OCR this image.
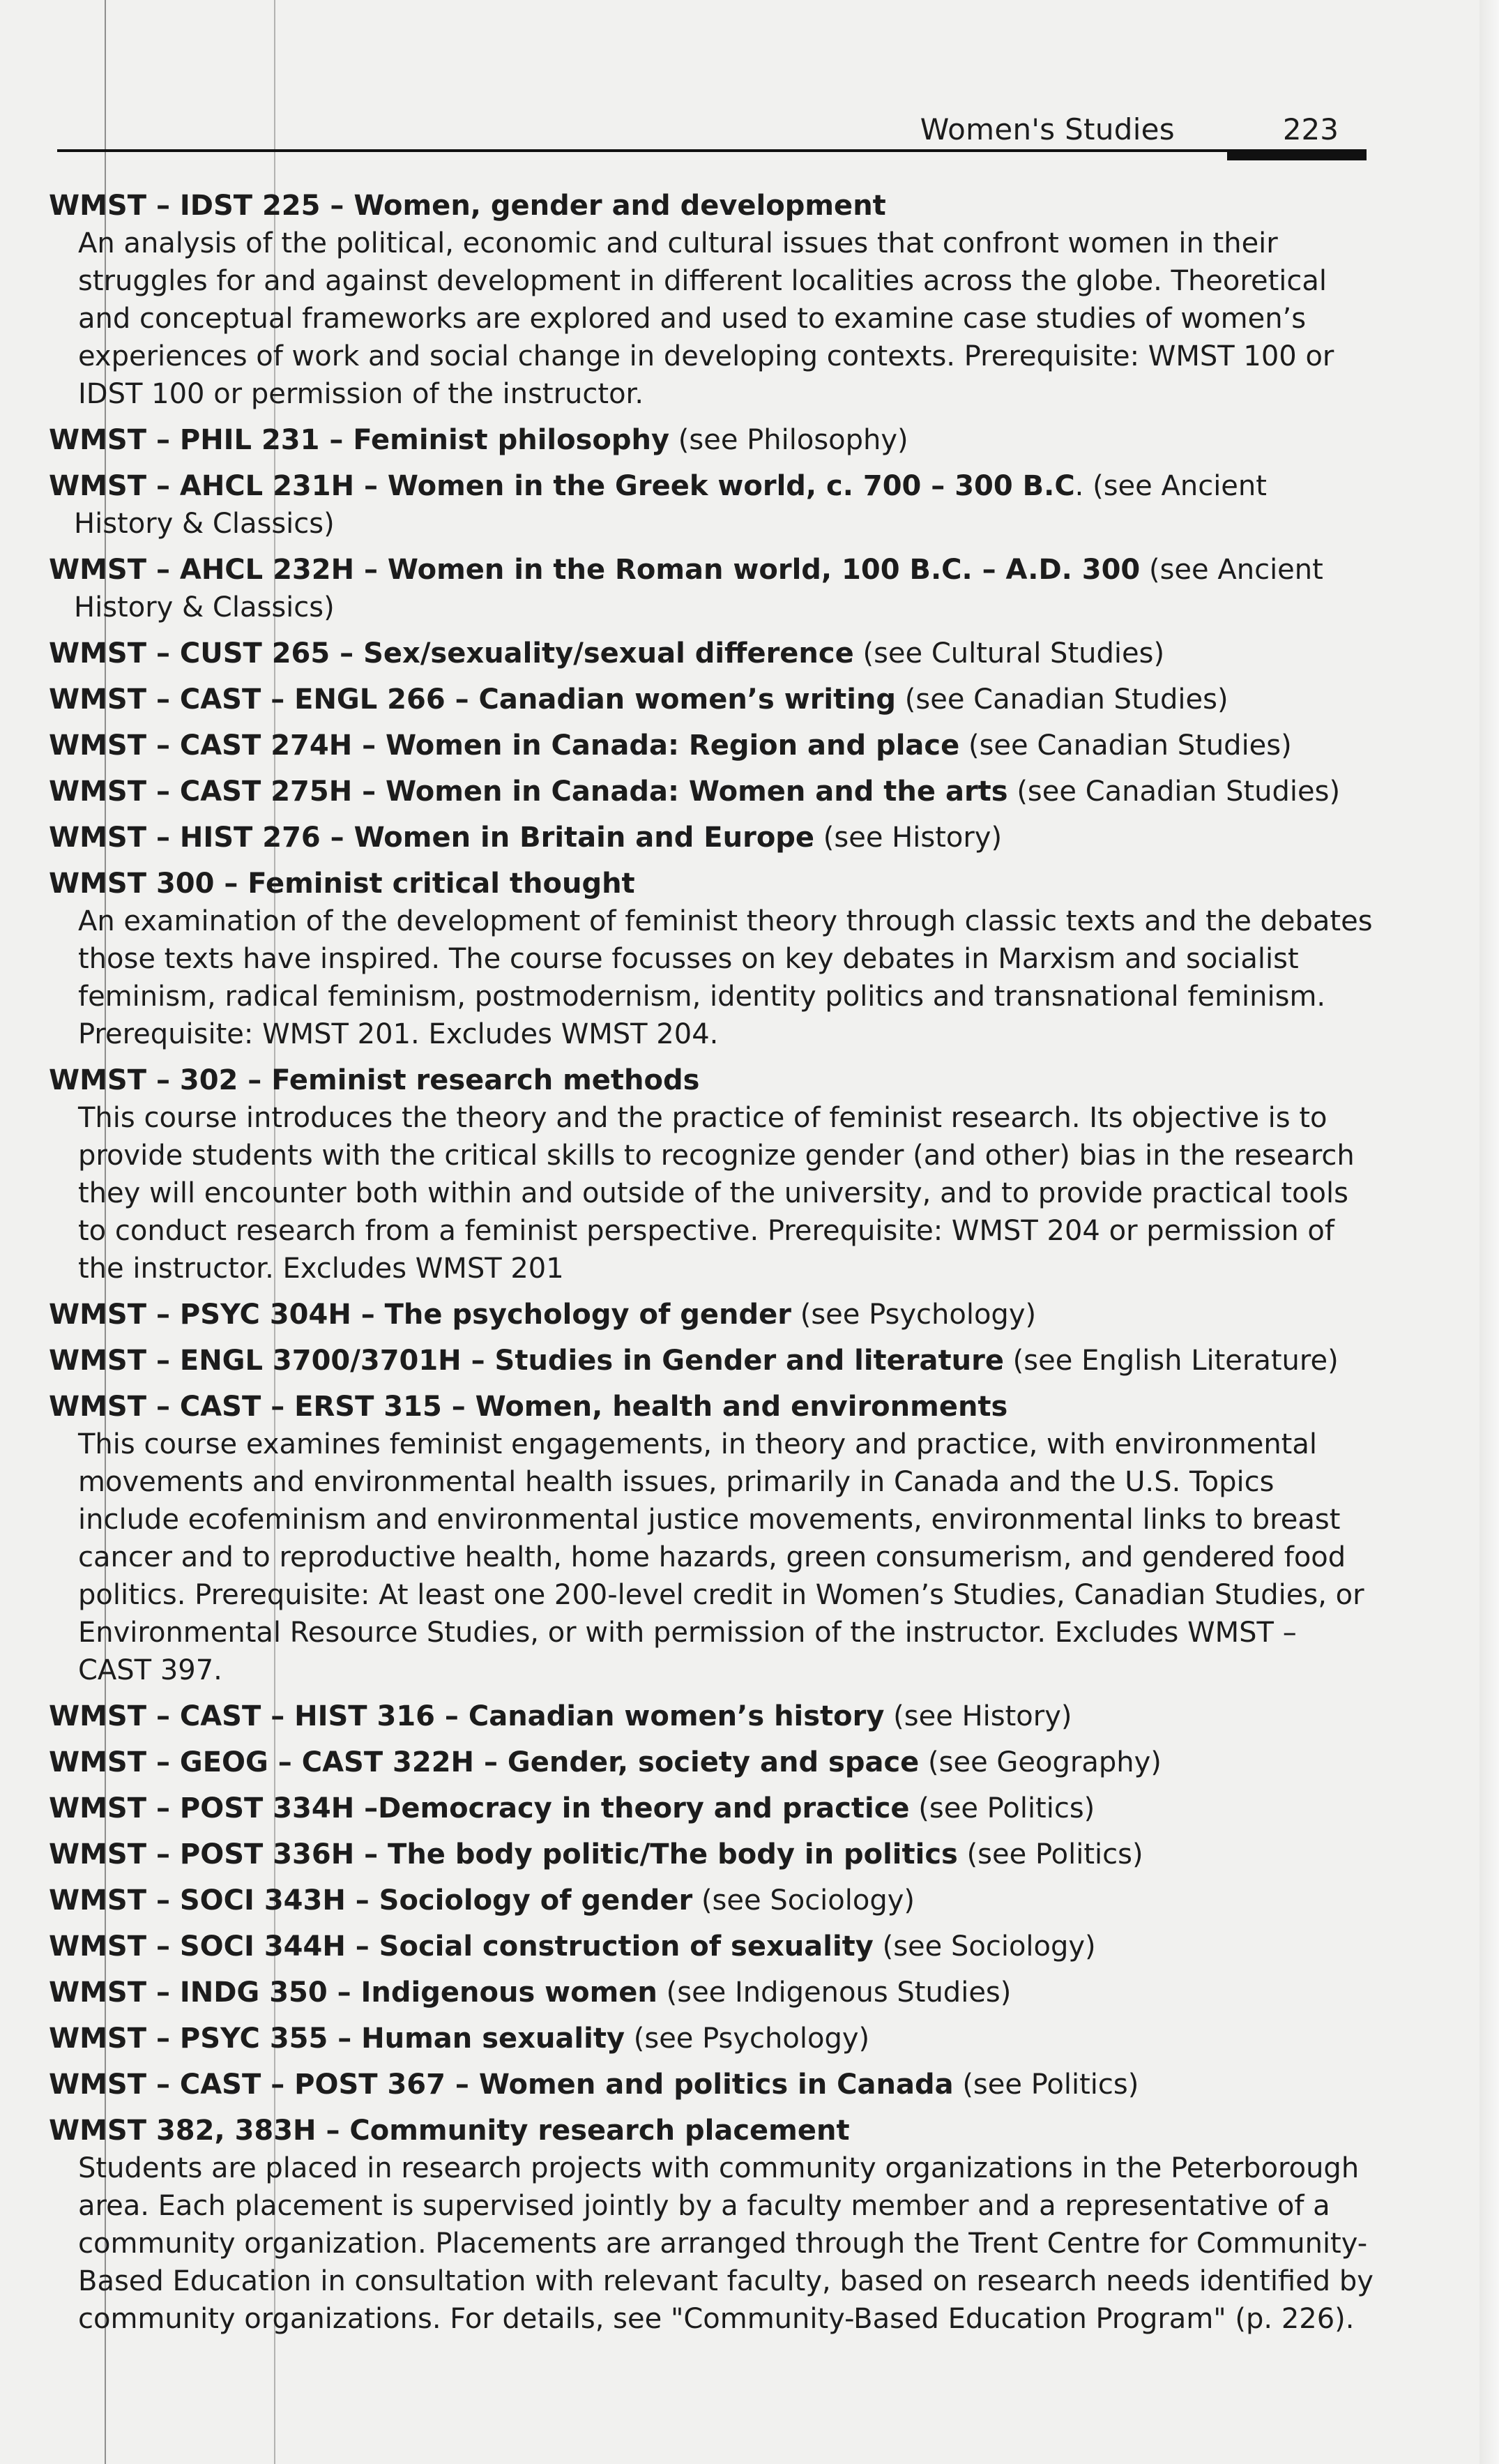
Women's Studies	223
WMST – IDST 225 – Women, gender and development
An analysis of the political, economic and cultural issues that confront women in their struggles for and against development in different localities across the globe. Theoretical and conceptual frameworks are explored and used to examine case studies of women’s experiences of work and social change in developing contexts. Prerequisite: WMST 100 or IDST 100 or permission of the instructor.
WMST – PHIL 231 – Feminist philosophy (see Philosophy)
WMST – AHCL 231H – Women in the Greek world, c. 700 – 300 B.C. (see Ancient History & Classics)
WMST – AHCL 232H – Women in the Roman world, 100 B.C. – A.D. 300 (see Ancient History & Classics)
WMST – CUST 265 – Sex/sexuality/sexual difference (see Cultural Studies)
WMST – CAST – ENGL 266 – Canadian women’s writing (see Canadian Studies)
WMST – CAST 274H – Women in Canada: Region and place (see Canadian Studies)
WMST – CAST 275H – Women in Canada: Women and the arts (see Canadian Studies)
WMST – HIST 276 – Women in Britain and Europe (see History)
WMST 300 – Feminist critical thought
An examination of the development of feminist theory through classic texts and the debates those texts have inspired. The course focusses on key debates in Marxism and socialist feminism, radical feminism, postmodernism, identity politics and transnational feminism. Prerequisite: WMST 201. Excludes WMST 204.
WMST – 302 – Feminist research methods
This course introduces the theory and the practice of feminist research. Its objective is to provide students with the critical skills to recognize gender (and other) bias in the research they will encounter both within and outside of the university, and to provide practical tools to conduct research from a feminist perspective. Prerequisite: WMST 204 or permission of the instructor. Excludes WMST 201
WMST – PSYC 304H – The psychology of gender (see Psychology)
WMST – ENGL 3700/3701H – Studies in Gender and literature (see English Literature)
WMST – CAST – ERST 315 – Women, health and environments
This course examines feminist engagements, in theory and practice, with environmental movements and environmental health issues, primarily in Canada and the U.S. Topics include ecofeminism and environmental justice movements, environmental links to breast cancer and to reproductive health, home hazards, green consumerism, and gendered food politics. Prerequisite: At least one 200-level credit in Women’s Studies, Canadian Studies, or Environmental Resource Studies, or with permission of the instructor. Excludes WMST – CAST 397.
WMST – CAST – HIST 316 – Canadian women’s history (see History)
WMST – GEOG – CAST 322H – Gender, society and space (see Geography)
WMST – POST 334H –Democracy in theory and practice (see Politics)
WMST – POST 336H – The body politic/The body in politics (see Politics)
WMST – SOCI 343H – Sociology of gender (see Sociology)
WMST – SOCI 344H – Social construction of sexuality (see Sociology)
WMST – INDG 350 – Indigenous women (see Indigenous Studies)
WMST – PSYC 355 – Human sexuality (see Psychology)
WMST – CAST – POST 367 – Women and politics in Canada (see Politics)
WMST 382, 383H – Community research placement
Students are placed in research projects with community organizations in the Peterborough area. Each placement is supervised jointly by a faculty member and a representative of a community organization. Placements are arranged through the Trent Centre for Community-Based Education in consultation with relevant faculty, based on research needs identified by community organizations. For details, see "Community-Based Education Program" (p. 226).
